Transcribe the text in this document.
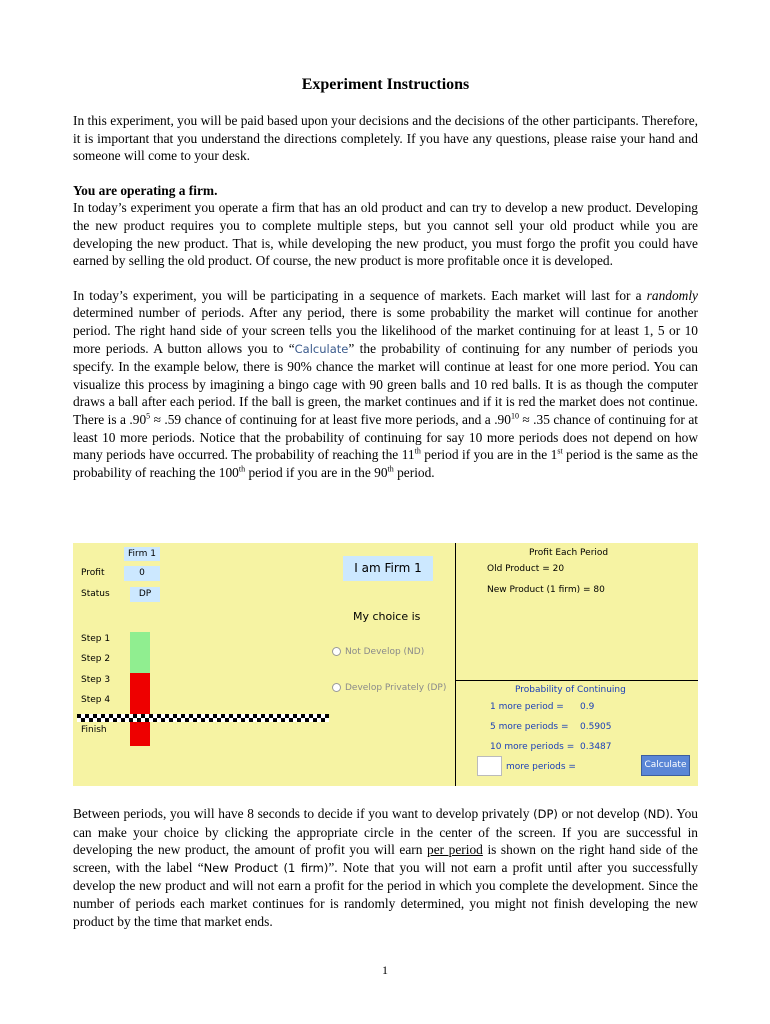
Experiment Instructions

In this experiment, you will be paid based upon your decisions and the decisions of the other participants. Therefore, it is important that you understand the directions completely. If you have any questions, please raise your hand and someone will come to your desk.

You are operating a firm.
In today’s experiment you operate a firm that has an old product and can try to develop a new product. Developing the new product requires you to complete multiple steps, but you cannot sell your old product while you are developing the new product. That is, while developing the new product, you must forgo the profit you could have earned by selling the old product. Of course, the new product is more profitable once it is developed.

In today’s experiment, you will be participating in a sequence of markets. Each market will last for a randomly determined number of periods. After any period, there is some probability the market will continue for another period. The right hand side of your screen tells you the likelihood of the market continuing for at least 1, 5 or 10 more periods. A button allows you to “Calculate” the probability of continuing for any number of periods you specify. In the example below, there is 90% chance the market will continue at least for one more period. You can visualize this process by imagining a bingo cage with 90 green balls and 10 red balls. It is as though the computer draws a ball after each period. If the ball is green, the market continues and if it is red the market does not continue. There is a $.90^5 \approx .59$ chance of continuing for at least five more periods, and a $.90^{10} \approx .35$ chance of continuing for at least 10 more periods. Notice that the probability of continuing for say 10 more periods does not depend on how many periods have occurred. The probability of reaching the 11th period if you are in the 1st period is the same as the probability of reaching the 100th period if you are in the 90th period.

Firm 1
Profit	0
Status	DP
Step 1
Step 2
Step 3
Step 4
Finish
I am Firm 1
My choice is
Not Develop (ND)
Develop Privately (DP)
Profit Each Period
Old Product = 20
New Product (1 firm) = 80
Probability of Continuing
1 more period = 0.9
5 more periods = 0.5905
10 more periods = 0.3487
more periods =	Calculate

Between periods, you will have 8 seconds to decide if you want to develop privately (DP) or not develop (ND). You can make your choice by clicking the appropriate circle in the center of the screen. If you are successful in developing the new product, the amount of profit you will earn per period is shown on the right hand side of the screen, with the label “New Product (1 firm)”. Note that you will not earn a profit until after you successfully develop the new product and will not earn a profit for the period in which you complete the development. Since the number of periods each market continues for is randomly determined, you might not finish developing the new product by the time that market ends.

1
